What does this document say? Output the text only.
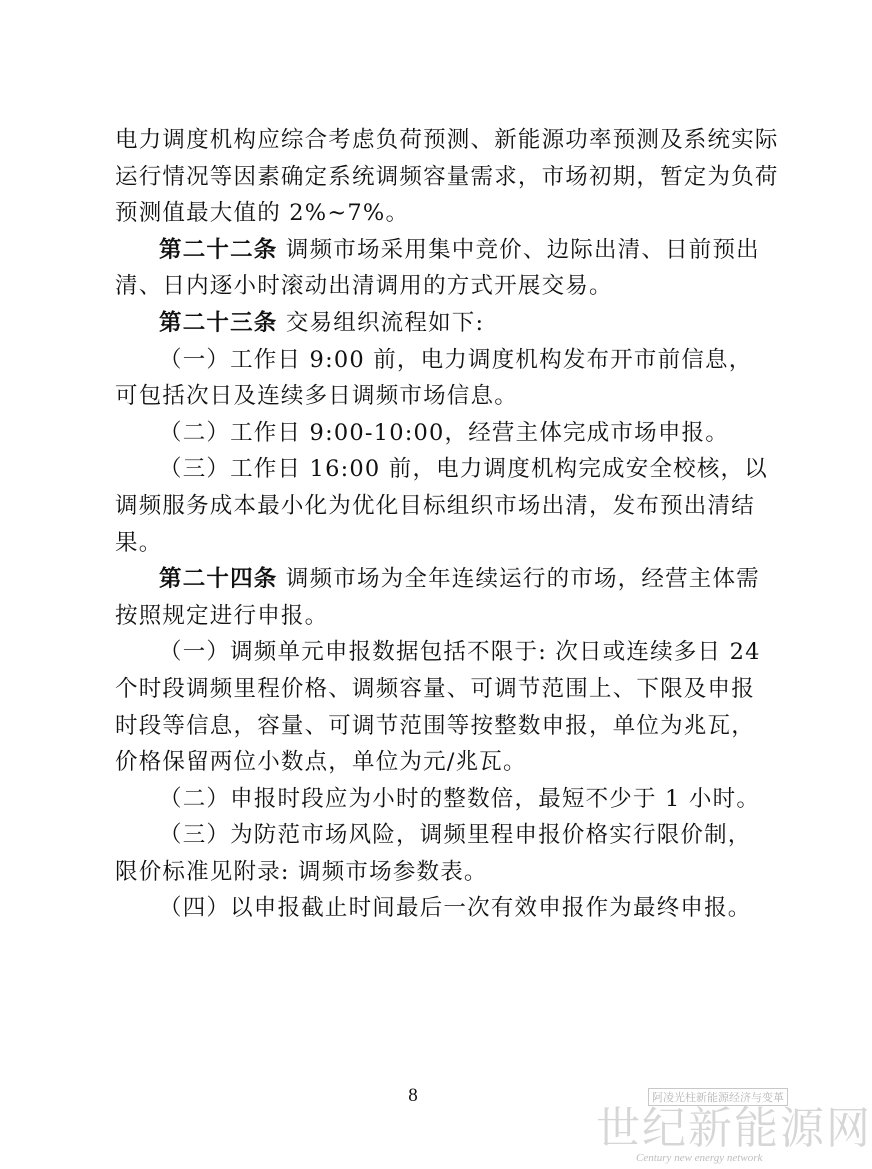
电力调度机构应综合考虑负荷预测、新能源功率预测及系统实际
运行情况等因素确定系统调频容量需求，市场初期，暂定为负荷
预测值最大值的 2%~7%。
第二十二条 调频市场采用集中竞价、边际出清、日前预出
清、日内逐小时滚动出清调用的方式开展交易。
第二十三条 交易组织流程如下:
（一）工作日 9:00 前，电力调度机构发布开市前信息，
可包括次日及连续多日调频市场信息。
（二）工作日 9:00-10:00，经营主体完成市场申报。
（三）工作日 16:00 前，电力调度机构完成安全校核，以
调频服务成本最小化为优化目标组织市场出清，发布预出清结
果。
第二十四条 调频市场为全年连续运行的市场，经营主体需
按照规定进行申报。
（一）调频单元申报数据包括不限于: 次日或连续多日 24
个时段调频里程价格、调频容量、可调节范围上、下限及申报
时段等信息，容量、可调节范围等按整数申报，单位为兆瓦，
价格保留两位小数点，单位为元/兆瓦。
（二）申报时段应为小时的整数倍，最短不少于 1 小时。
（三）为防范市场风险，调频里程申报价格实行限价制，
限价标准见附录: 调频市场参数表。
（四）以申报截止时间最后一次有效申报作为最终申报。
8	阿凌光柱新能源经济与变革
世纪新能源网
Century new energy network
